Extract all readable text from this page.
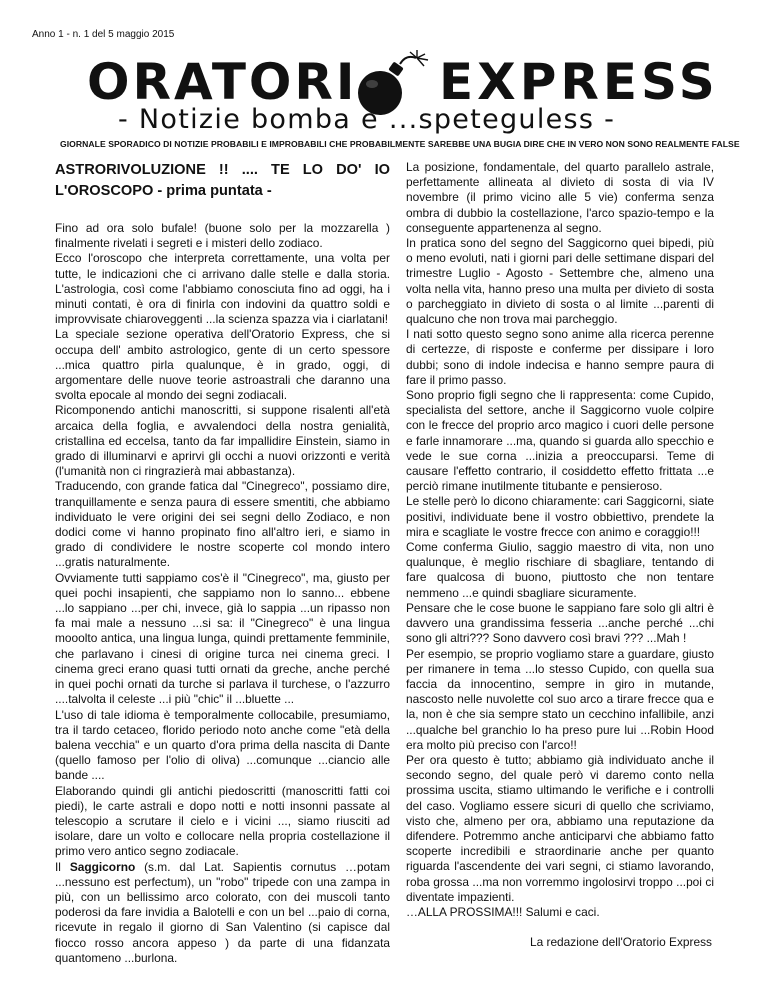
Anno 1 - n. 1 del 5 maggio 2015
ORATORI EXPRESS
- Notizie bomba e ...speteguless -
GIORNALE SPORADICO DI NOTIZIE PROBABILI E IMPROBABILI CHE PROBABILMENTE SAREBBE UNA BUGIA DIRE CHE IN VERO NON SONO REALMENTE FALSE
ASTRORIVOLUZIONE !! .... TE LO DO' IO
L'OROSCOPO - prima puntata -

Fino ad ora solo bufale! (buone solo per la mozzarella ) finalmente rivelati i segreti e i misteri dello zodiaco.

Ecco l'oroscopo che interpreta correttamente, una volta per tutte, le indicazioni che ci arrivano dalle stelle e dalla storia. L'astrologia, così come l'abbiamo conosciuta fino ad oggi, ha i minuti contati, è ora di finirla con indovini da quattro soldi e improvvisate chiaroveggenti ...la scienza spazza via i ciarlatani!

La speciale sezione operativa dell'Oratorio Express, che si occupa dell' ambito astrologico, gente di un certo spessore ...mica quattro pirla qualunque, è in grado, oggi, di argomentare delle nuove teorie astroastrali che daranno una svolta epocale al mondo dei segni zodiacali.

Ricomponendo antichi manoscritti, si suppone risalenti all'età arcaica della foglia, e avvalendoci della nostra genialità, cristallina ed eccelsa, tanto da far impallidire Einstein, siamo in grado di illuminarvi e aprirvi gli occhi a nuovi orizzonti e verità (l'umanità non ci ringrazierà mai abbastanza).

Traducendo, con grande fatica dal "Cinegreco", possiamo dire, tranquillamente e senza paura di essere smentiti, che abbiamo individuato le vere origini dei sei segni dello Zodiaco, e non dodici come vi hanno propinato fino all'altro ieri, e siamo in grado di condividere le nostre scoperte col mondo intero ...gratis naturalmente.

Ovviamente tutti sappiamo cos'è il "Cinegreco", ma, giusto per quei pochi insapienti, che sappiamo non lo sanno... ebbene ...lo sappiano ...per chi, invece, già lo sappia ...un ripasso non fa mai male a nessuno ...si sa: il "Cinegreco" è una lingua mooolto antica, una lingua lunga, quindi prettamente femminile, che parlavano i cinesi di origine turca nei cinema greci. I cinema greci erano quasi tutti ornati da greche, anche perché in quei pochi ornati da turche si parlava il turchese, o l'azzurro ....talvolta il celeste ...i più "chic" il ...bluette ...

L'uso di tale idioma è temporalmente collocabile, presumiamo, tra il tardo cetaceo, florido periodo noto anche come "età della balena vecchia" e un quarto d'ora prima della nascita di Dante (quello famoso per l'olio di oliva) ...comunque ...ciancio alle bande ....

Elaborando quindi gli antichi piedoscritti (manoscritti fatti coi piedi), le carte astrali e dopo notti e notti insonni passate al telescopio a scrutare il cielo e i vicini ..., siamo riusciti ad isolare, dare un volto e collocare nella propria costellazione il primo vero antico segno zodiacale.

Il Saggicorno (s.m. dal Lat. Sapientis cornutus …potam ...nessuno est perfectum), un "robo" tripede con una zampa in più, con un bellissimo arco colorato, con dei muscoli tanto poderosi da fare invidia a Balotelli e con un bel ...paio di corna, ricevute in regalo il giorno di San Valentino (si capisce dal fiocco rosso ancora appeso ) da parte di una fidanzata quantomeno ...burlona.

La posizione, fondamentale, del quarto parallelo astrale, perfettamente allineata al divieto di sosta di via IV novembre (il primo vicino alle 5 vie) conferma senza ombra di dubbio la costellazione, l'arco spazio-tempo e la conseguente appartenenza al segno.

In pratica sono del segno del Saggicorno quei bipedi, più o meno evoluti, nati i giorni pari delle settimane dispari del trimestre Luglio - Agosto - Settembre che, almeno una volta nella vita, hanno preso una multa per divieto di sosta o parcheggiato in divieto di sosta o al limite ...parenti di qualcuno che non trova mai parcheggio.

I nati sotto questo segno sono anime alla ricerca perenne di certezze, di risposte e conferme per dissipare i loro dubbi; sono di indole indecisa e hanno sempre paura di fare il primo passo.

Sono proprio figli segno che li rappresenta: come Cupido, specialista del settore, anche il Saggicorno vuole colpire con le frecce del proprio arco magico i cuori delle persone e farle innamorare ...ma, quando si guarda allo specchio e vede le sue corna ...inizia a preoccuparsi. Teme di causare l'effetto contrario, il cosiddetto effetto frittata ...e perciò rimane inutilmente titubante e pensieroso.

Le stelle però lo dicono chiaramente: cari Saggicorni, siate positivi, individuate bene il vostro obbiettivo, prendete la mira e scagliate le vostre frecce con animo e coraggio!!!

Come conferma Giulio, saggio maestro di vita, non uno qualunque, è meglio rischiare di sbagliare, tentando di fare qualcosa di buono, piuttosto che non tentare nemmeno ...e quindi sbagliare sicuramente.

Pensare che le cose buone le sappiano fare solo gli altri è davvero una grandissima fesseria ...anche perché ...chi sono gli altri??? Sono davvero così bravi ??? ...Mah !

Per esempio, se proprio vogliamo stare a guardare, giusto per rimanere in tema ...lo stesso Cupido, con quella sua faccia da innocentino, sempre in giro in mutande, nascosto nelle nuvolette col suo arco a tirare frecce qua e la, non è che sia sempre stato un cecchino infallibile, anzi ...qualche bel granchio lo ha preso pure lui ...Robin Hood era molto più preciso con l'arco!!

Per ora questo è tutto; abbiamo già individuato anche il secondo segno, del quale però vi daremo conto nella prossima uscita, stiamo ultimando le verifiche e i controlli del caso. Vogliamo essere sicuri di quello che scriviamo, visto che, almeno per ora, abbiamo una reputazione da difendere. Potremmo anche anticiparvi che abbiamo fatto scoperte incredibili e straordinarie anche per quanto riguarda l'ascendente dei vari segni, ci stiamo lavorando, roba grossa ...ma non vorremmo ingolosirvi troppo ...poi ci diventate impazienti.

…ALLA PROSSIMA!!! Salumi e caci.

La redazione dell'Oratorio Express
